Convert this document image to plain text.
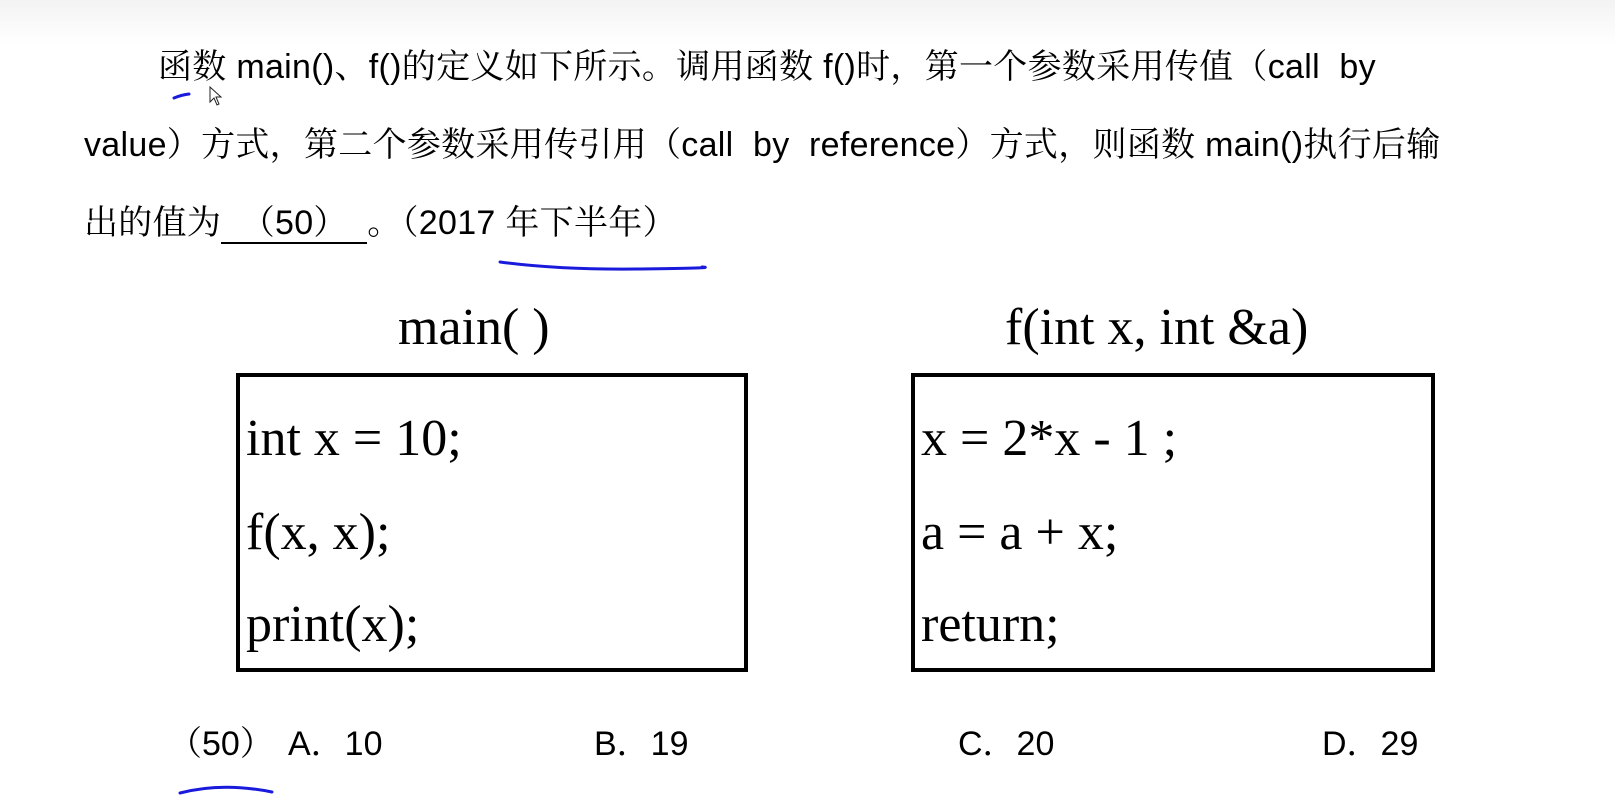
函数 main()、f()的定义如下所示。调用函数 f()时，第一个参数采用传值（call  by
value）方式，第二个参数采用传引用（call  by  reference）方式，则函数 main()执行后输
出的值为 （50） 。（2017 年下半年）
main( )
int x = 10;
f(x, x);
print(x);
f(int x, int &a)
x = 2*x - 1 ;
a = a + x;
return;
（50） A．10	B．19	C．20	D．29
